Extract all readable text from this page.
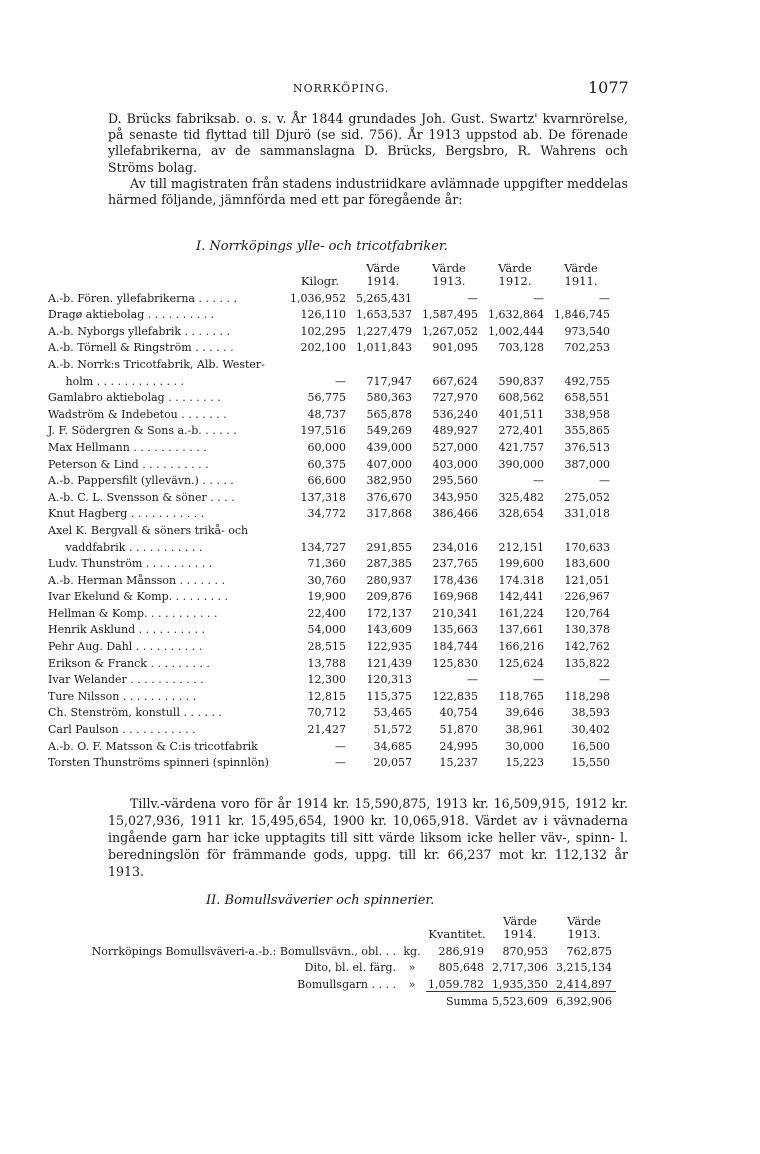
NORRKÖPING.	1077

D. Brücks fabriksab. o. s. v. År 1844 grundades Joh. Gust. Swartz' kvarnrörelse, på senaste tid flyttad till Djurö (se sid. 756). År 1913 uppstod ab. De förenade yllefabrikerna, av de sammanslagna D. Brücks, Bergsbro, R. Wahrens och Ströms bolag.

Av till magistraten från stadens industriidkare avlämnade uppgifter meddelas härmed följande, jämnförda med ett par föregående år:

I. Norrköpings ylle- och tricotfabriker.
	Kilogr.	Värde 1914.	Värde 1913.	Värde 1912.	Värde 1911.
A.-b. Fören. yllefabrikerna . . . . . .	1,036,952	5,265,431	—	—	—
Dragø aktiebolag . . . . . . . . . .	126,110	1,653,537	1,587,495	1,632,864	1,846,745
A.-b. Nyborgs yllefabrik . . . . . . .	102,295	1,227,479	1,267,052	1,002,444	973,540
A.-b. Törnell & Ringström . . . . . .	202,100	1,011,843	901,095	703,128	702,253
A.-b. Norrk:s Tricotfabrik, Alb. Wester-					
holm . . . . . . . . . . . . .	—	717,947	667,624	590,837	492,755
Gamlabro aktiebolag . . . . . . . .	56,775	580,363	727,970	608,562	658,551
Wadström & Indebetou . . . . . . .	48,737	565,878	536,240	401,511	338,958
J. F. Södergren & Sons a.-b. . . . . .	197,516	549,269	489,927	272,401	355,865
Max Hellmann . . . . . . . . . . .	60,000	439,000	527,000	421,757	376,513
Peterson & Lind . . . . . . . . . .	60,375	407,000	403,000	390,000	387,000
A.-b. Pappersfilt (yllevävn.) . . . . .	66,600	382,950	295,560	—	—
A.-b. C. L. Svensson & söner . . . .	137,318	376,670	343,950	325,482	275,052
Knut Hagberg . . . . . . . . . . .	34,772	317,868	386,466	328,654	331,018
Axel K. Bergvall & söners trikå- och					
vaddfabrik . . . . . . . . . . .	134,727	291,855	234,016	212,151	170,633
Ludv. Thunström . . . . . . . . . .	71,360	287,385	237,765	199,600	183,600
A.-b. Herman Månsson . . . . . . .	30,760	280,937	178,436	174.318	121,051
Ivar Ekelund & Komp. . . . . . . . .	19,900	209,876	169,968	142,441	226,967
Hellman & Komp. . . . . . . . . . .	22,400	172,137	210,341	161,224	120,764
Henrik Asklund . . . . . . . . . .	54,000	143,609	135,663	137,661	130,378
Pehr Aug. Dahl . . . . . . . . . .	28,515	122,935	184,744	166,216	142,762
Erikson & Franck . . . . . . . . .	13,788	121,439	125,830	125,624	135,822
Ivar Welander . . . . . . . . . . .	12,300	120,313	—	—	—
Ture Nilsson . . . . . . . . . . .	12,815	115,375	122,835	118,765	118,298
Ch. Stenström, konstull . . . . . .	70,712	53,465	40,754	39,646	38,593
Carl Paulson . . . . . . . . . . .	21,427	51,572	51,870	38,961	30,402
A.-b. O. F. Matsson & C:is tricotfabrik	—	34,685	24,995	30,000	16,500
Torsten Thunströms spinneri (spinnlön)	—	20,057	15,237	15,223	15,550

Tillv.-värdena voro för år 1914 kr. 15,590,875, 1913 kr. 16,509,915, 1912 kr. 15,027,936, 1911 kr. 15,495,654, 1900 kr. 10,065,918. Värdet av i vävnaderna ingående garn har icke upptagits till sitt värde liksom icke heller väv-, spinn- l. beredningslön för främmande gods, uppg. till kr. 66,237 mot kr. 112,132 år 1913.

II. Bomullsväverier och spinnerier.
		Kvantitet.	Värde 1914.	Värde 1913.
Norrköpings Bomullsväveri-a.-b.: Bomullsvävn., obl. . .	kg.	286,919	870,953	762,875
Dito, bl. el. färg.	»	805,648	2,717,306	3,215,134
Bomullsgarn . . . .	»	1,059.782	1,935,350	2,414,897
Summa			5,523,609	6,392,906
